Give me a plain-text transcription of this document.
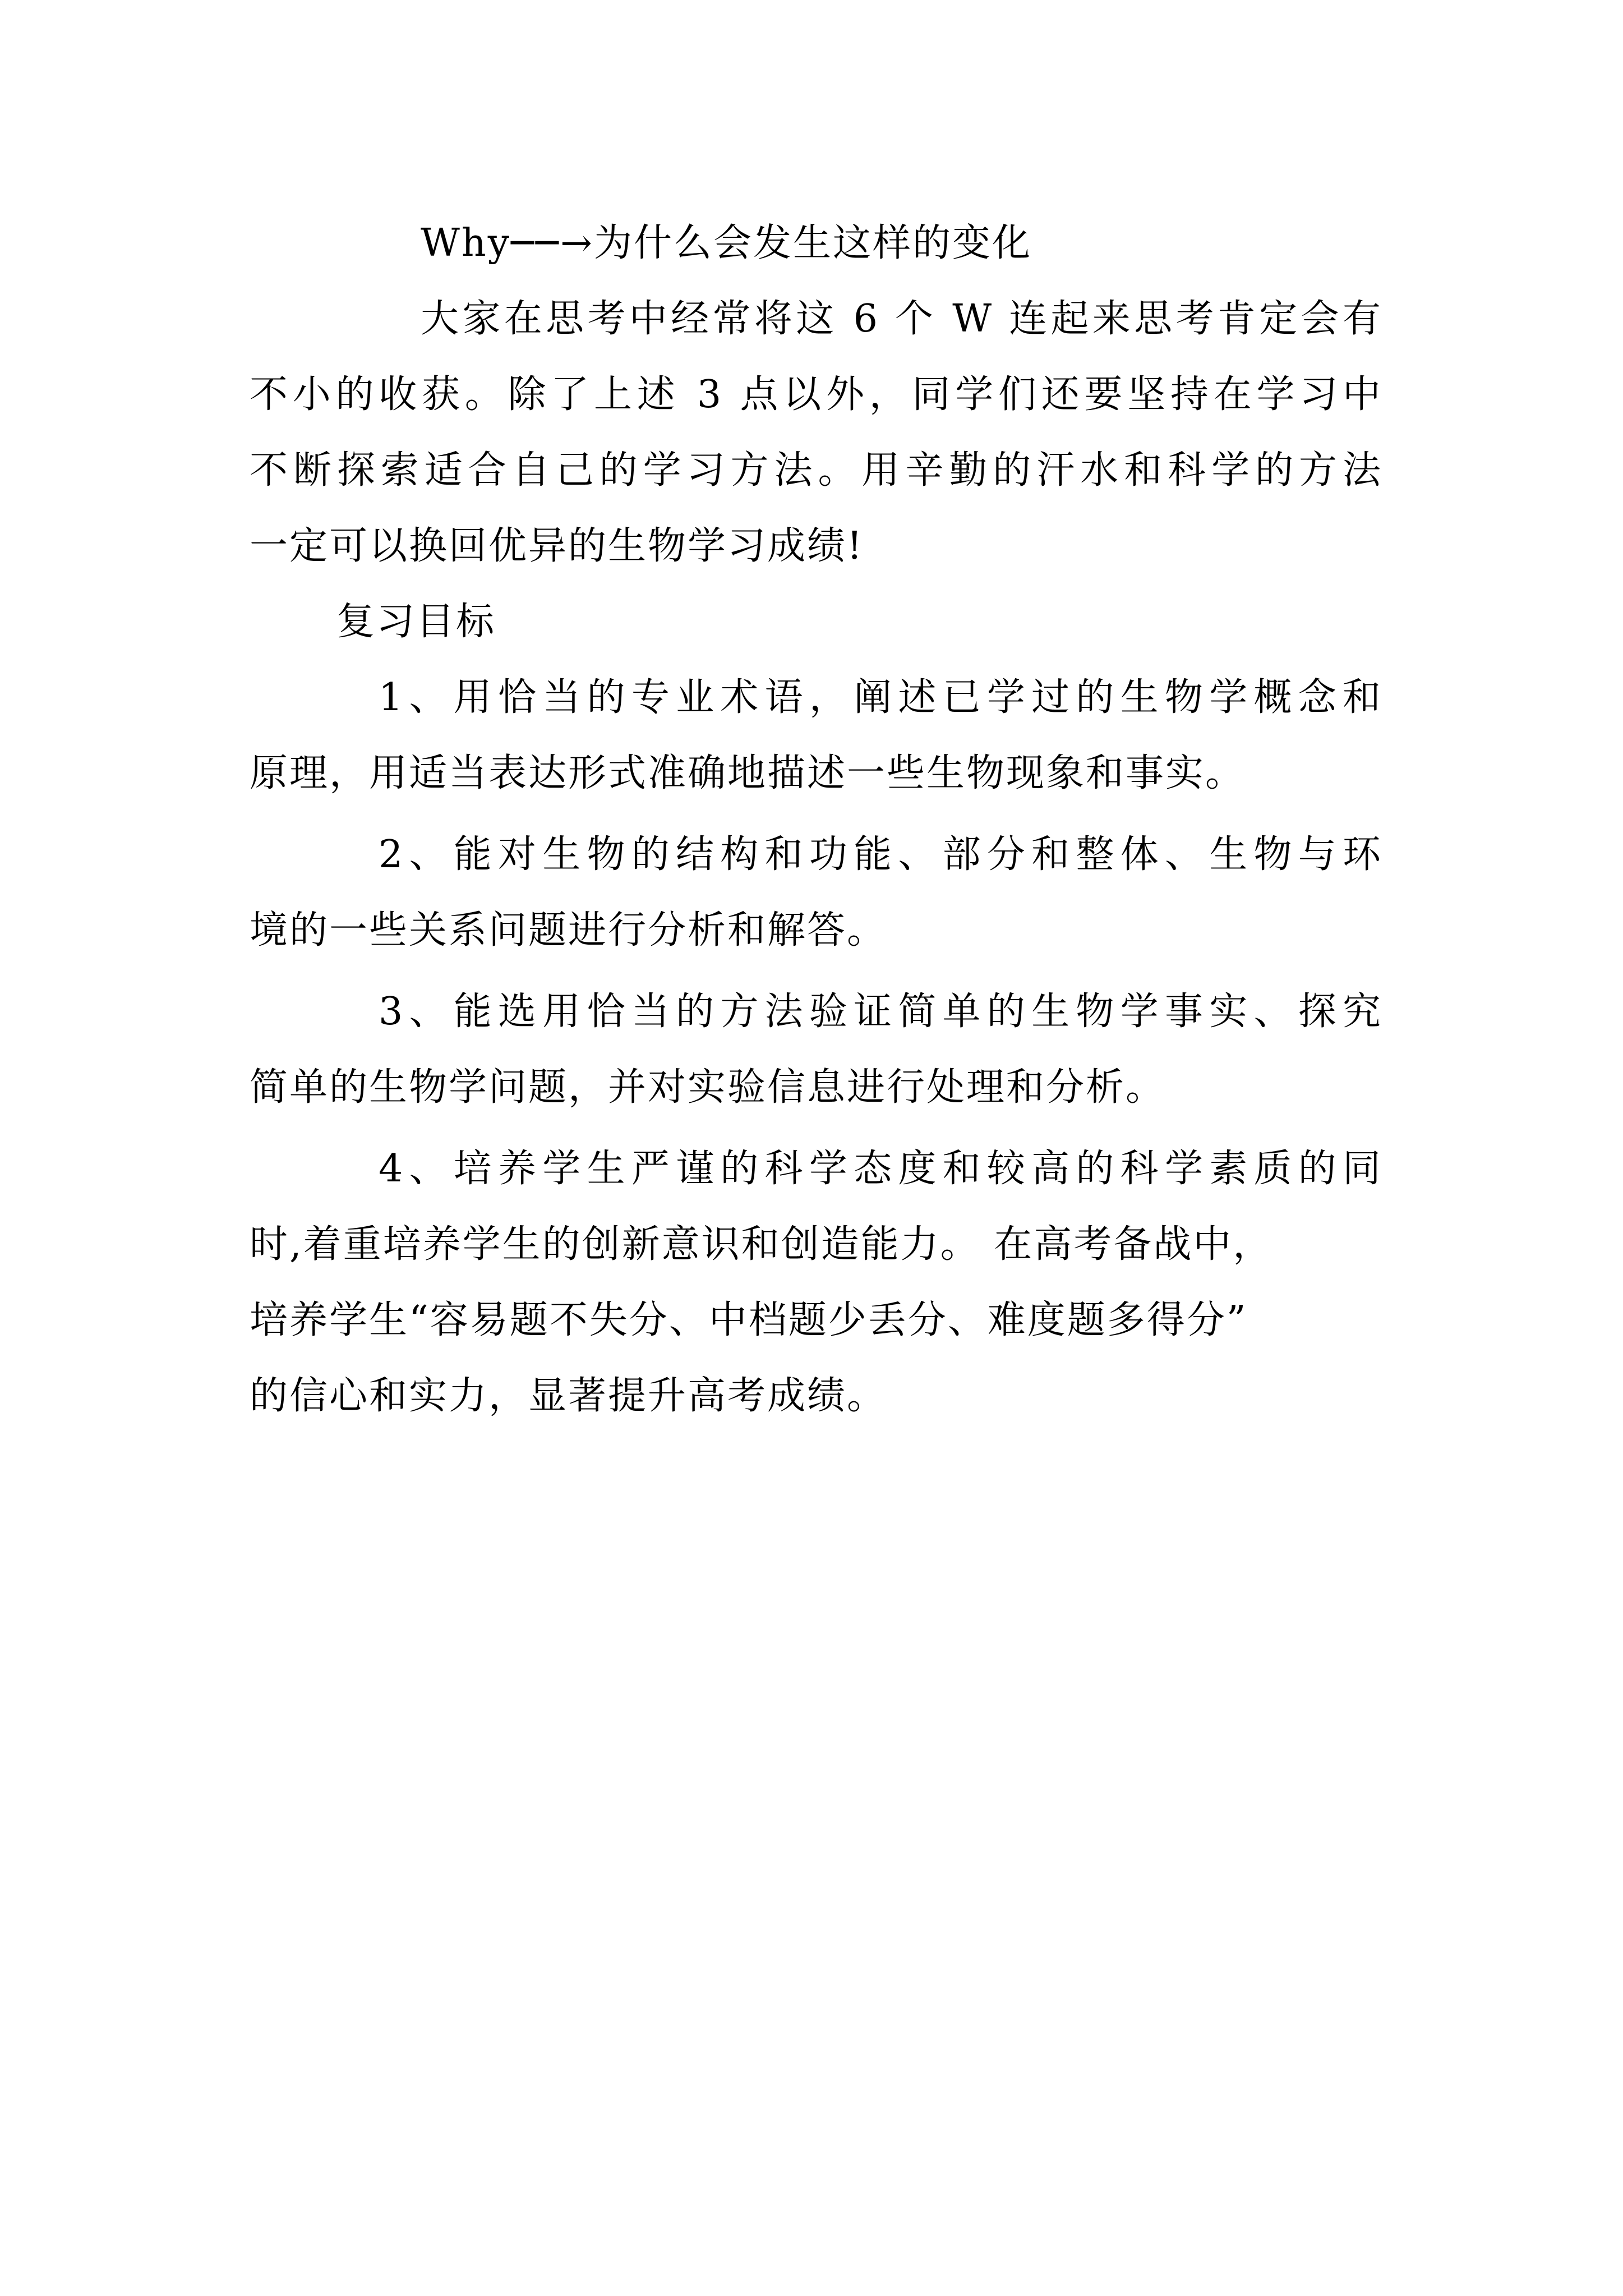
Why──→为什么会发生这样的变化
大家在思考中经常将这 6 个 W 连起来思考肯定会有
不小的收获。除了上述 3 点以外，同学们还要坚持在学习中
不断探索适合自己的学习方法。用辛勤的汗水和科学的方法
一定可以换回优异的生物学习成绩!
复习目标
1、用恰当的专业术语，阐述已学过的生物学概念和
原理，用适当表达形式准确地描述一些生物现象和事实。
2、能对生物的结构和功能、部分和整体、生物与环
境的一些关系问题进行分析和解答。
3、能选用恰当的方法验证简单的生物学事实、探究
简单的生物学问题，并对实验信息进行处理和分析。
4、培养学生严谨的科学态度和较高的科学素质的同
时,着重培养学生的创新意识和创造能力。 在高考备战中，
培养学生“容易题不失分、中档题少丢分、难度题多得分”
的信心和实力，显著提升高考成绩。
